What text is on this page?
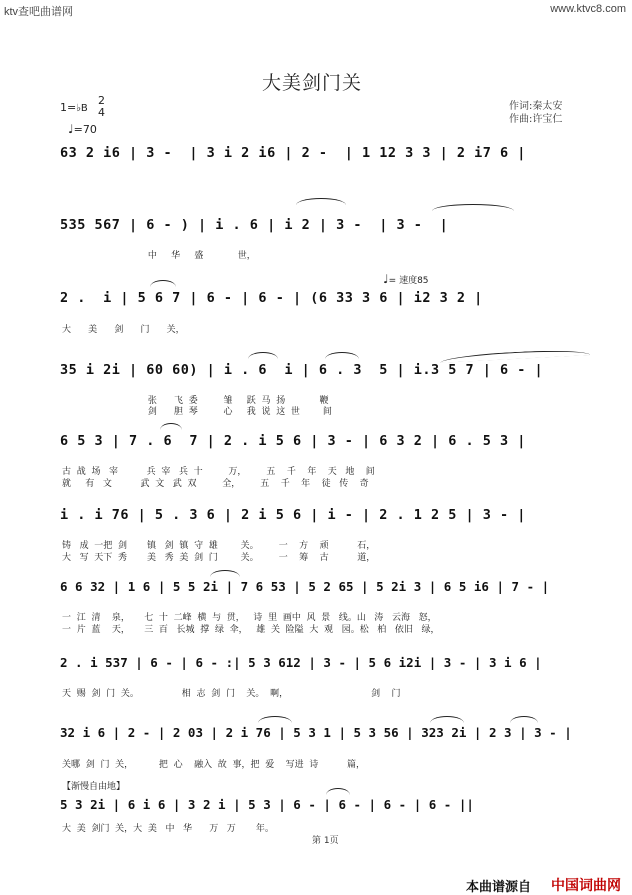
ktv查吧曲谱网	www.ktvc8.com
大美剑门关
1=♭B
2
4
♩=70
作词:秦太安
作曲:许宝仁
63 2 i6 | 3 -  | 3 i 2 i6 | 2 -  | 1 12 3 3 | 2 i7 6 |
535 567 | 6 - ) | i . 6 | i 2 | 3 -  | 3 -  |
中     华     盛            世，
♩= 速度85
2 .  i | 5 6 7 | 6 - | 6 - | (6 33 3 6 | i2 3 2 |
大      美      剑      门      关，
35 i 2i | 60 60) | i . 6  i | 6 . 3  5 | i.3 5 7 | 6 - |
张      飞  委         雏     跃  马  扬            鞭
剑      胆  琴         心     我  说  这  世        间
6 5 3 | 7 . 6  7 | 2 . i 5 6 | 3 - | 6 3 2 | 6 . 5 3 |
古  战  场   宰          兵  宰   兵  十         万，       五    千    年    天   地    间
就     有   文          武  文   武  双         全，       五    千    年    徒   传    奇
i . i 76 | 5 . 3 6 | 2 i 5 6 | i - | 2 . 1 2 5 | 3 - |
铸   成  一把  剑       镇   剑  镇  守  雄        关。       一    方    顽          石，
大   写  天下  秀       美   秀  美  剑  门        关。       一    筹    古          道，
6 6 32 | 1 6 | 5 5 2i | 7 6 53 | 5 2 65 | 5 2i 3 | 6 5 i6 | 7 - |
一  江  清    泉，     七  十  二峰  横  与  贯，   诗  里  画中  风  景   线。山   涛   云海   怒，
一  片  蓝    天，     三  百   长城  撑  绿  伞，   雄  关  险隘  大  观   园。松   柏   依旧   绿，
2 . i 537 | 6 - | 6 - :| 5 3 612 | 3 - | 5 6 i2i | 3 - | 3 i 6 |
天  赐  剑  门  关。               相  志  剑  门    关。  啊，                             剑    门
32 i 6 | 2 - | 2 03 | 2 i 76 | 5 3 1 | 5 3 56 | 323 2i | 2 3 | 3 - |
关哪  剑  门  关，         把  心    融入  故  事，把  爱    写进  诗          篇，
【渐慢自由地】
5 3 2i | 6 i 6 | 3 2 i | 5 3 | 6 - | 6 - | 6 - | 6 - ||
大  美  剑门  关，大  美   中   华      万   万       年。
第 1页
本曲谱源自 中国词曲网
